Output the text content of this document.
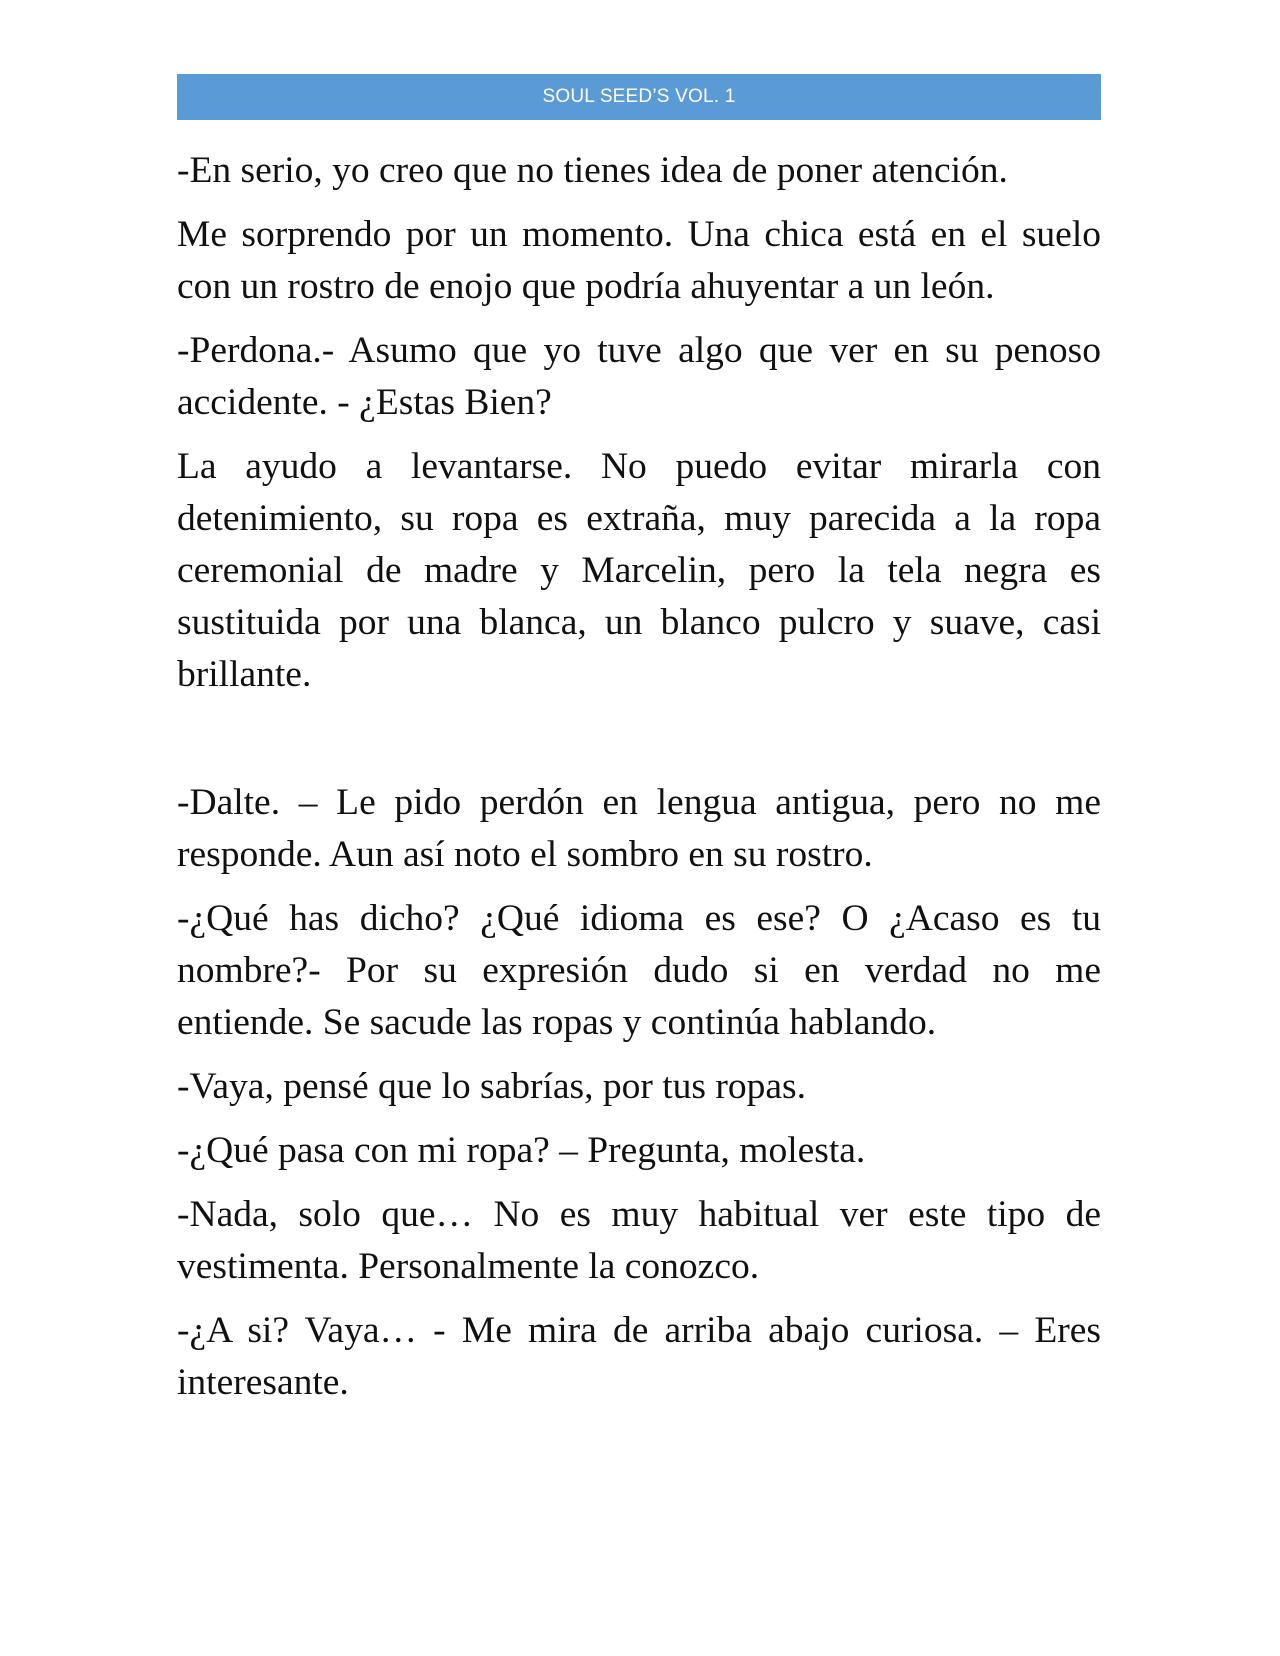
SOUL SEED’S VOL. 1

-En serio, yo creo que no tienes idea de poner atención.

Me sorprendo por un momento. Una chica está en el suelo con un rostro de enojo que podría ahuyentar a un león.

-Perdona.- Asumo que yo tuve algo que ver en su penoso accidente. - ¿Estas Bien?

La ayudo a levantarse. No puedo evitar mirarla con detenimiento, su ropa es extraña, muy parecida a la ropa ceremonial de madre y Marcelin, pero la tela negra es sustituida por una blanca, un blanco pulcro y suave, casi brillante.

-Dalte. – Le pido perdón en lengua antigua, pero no me responde. Aun así noto el sombro en su rostro.

-¿Qué has dicho? ¿Qué idioma es ese? O ¿Acaso es tu nombre?- Por su expresión dudo si en verdad no me entiende. Se sacude las ropas y continúa hablando.

-Vaya, pensé que lo sabrías, por tus ropas.

-¿Qué pasa con mi ropa? – Pregunta, molesta.

-Nada, solo que… No es muy habitual ver este tipo de vestimenta. Personalmente la conozco.

-¿A si? Vaya… - Me mira de arriba abajo curiosa. – Eres interesante.
